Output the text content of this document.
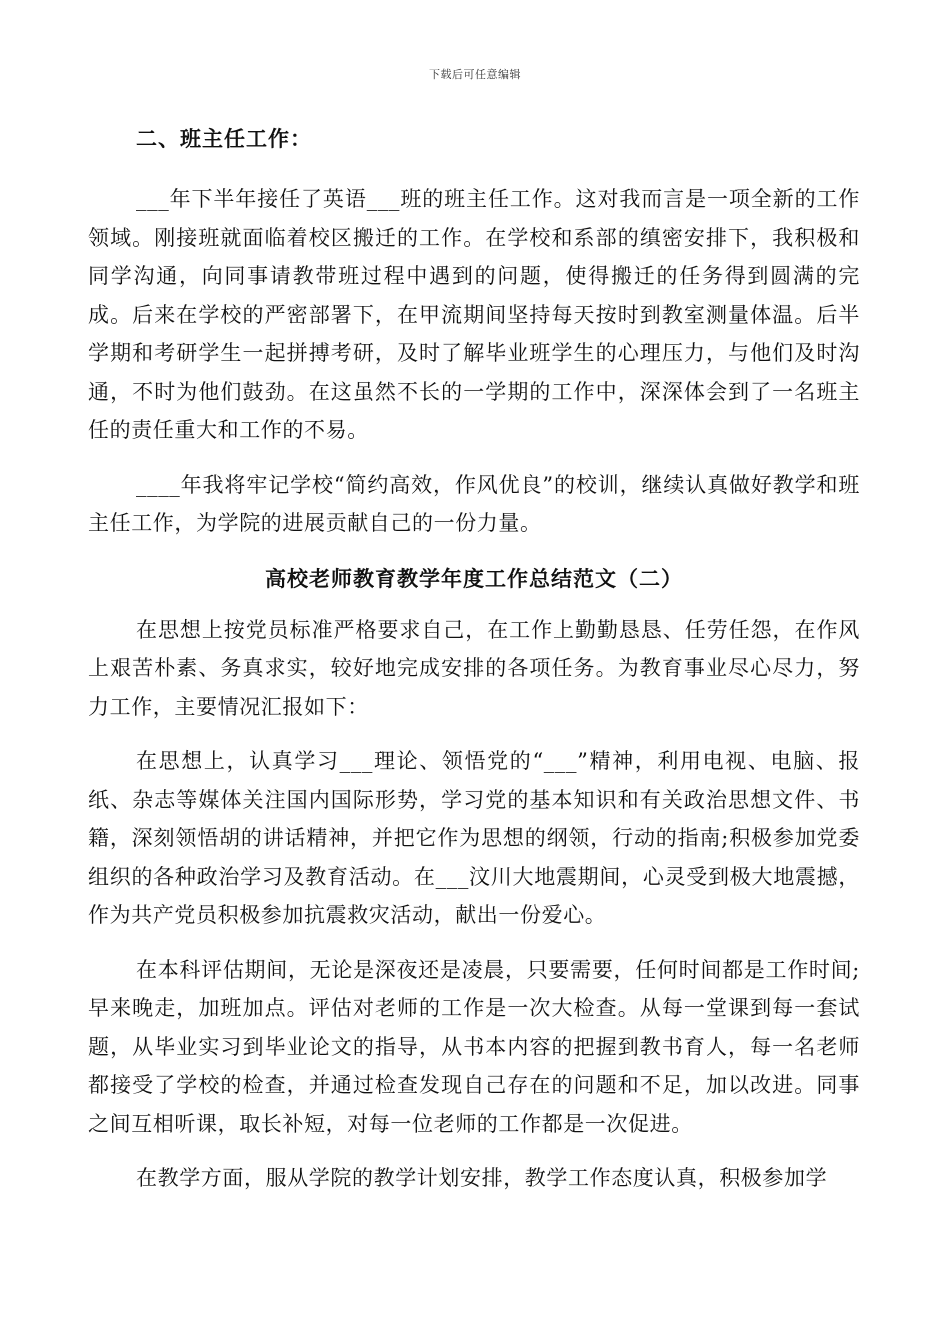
下载后可任意编辑
二、班主任工作：

___年下半年接任了英语___班的班主任工作。这对我而言是一项全新的工作领域。刚接班就面临着校区搬迁的工作。在学校和系部的缜密安排下，我积极和同学沟通，向同事请教带班过程中遇到的问题，使得搬迁的任务得到圆满的完成。后来在学校的严密部署下，在甲流期间坚持每天按时到教室测量体温。后半学期和考研学生一起拼搏考研，及时了解毕业班学生的心理压力，与他们及时沟通，不时为他们鼓劲。在这虽然不长的一学期的工作中，深深体会到了一名班主任的责任重大和工作的不易。

____年我将牢记学校“简约高效，作风优良”的校训，继续认真做好教学和班主任工作，为学院的进展贡献自己的一份力量。

高校老师教育教学年度工作总结范文（二）

在思想上按党员标准严格要求自己，在工作上勤勤恳恳、任劳任怨，在作风上艰苦朴素、务真求实，较好地完成安排的各项任务。为教育事业尽心尽力，努力工作，主要情况汇报如下：

在思想上，认真学习___理论、领悟党的“___”精神，利用电视、电脑、报纸、杂志等媒体关注国内国际形势，学习党的基本知识和有关政治思想文件、书籍，深刻领悟胡的讲话精神，并把它作为思想的纲领，行动的指南;积极参加党委组织的各种政治学习及教育活动。在___汶川大地震期间，心灵受到极大地震撼，作为共产党员积极参加抗震救灾活动，献出一份爱心。

在本科评估期间，无论是深夜还是凌晨，只要需要，任何时间都是工作时间;早来晚走，加班加点。评估对老师的工作是一次大检查。从每一堂课到每一套试题，从毕业实习到毕业论文的指导，从书本内容的把握到教书育人，每一名老师都接受了学校的检查，并通过检查发现自己存在的问题和不足，加以改进。同事之间互相听课，取长补短，对每一位老师的工作都是一次促进。

在教学方面，服从学院的教学计划安排，教学工作态度认真，积极参加学
